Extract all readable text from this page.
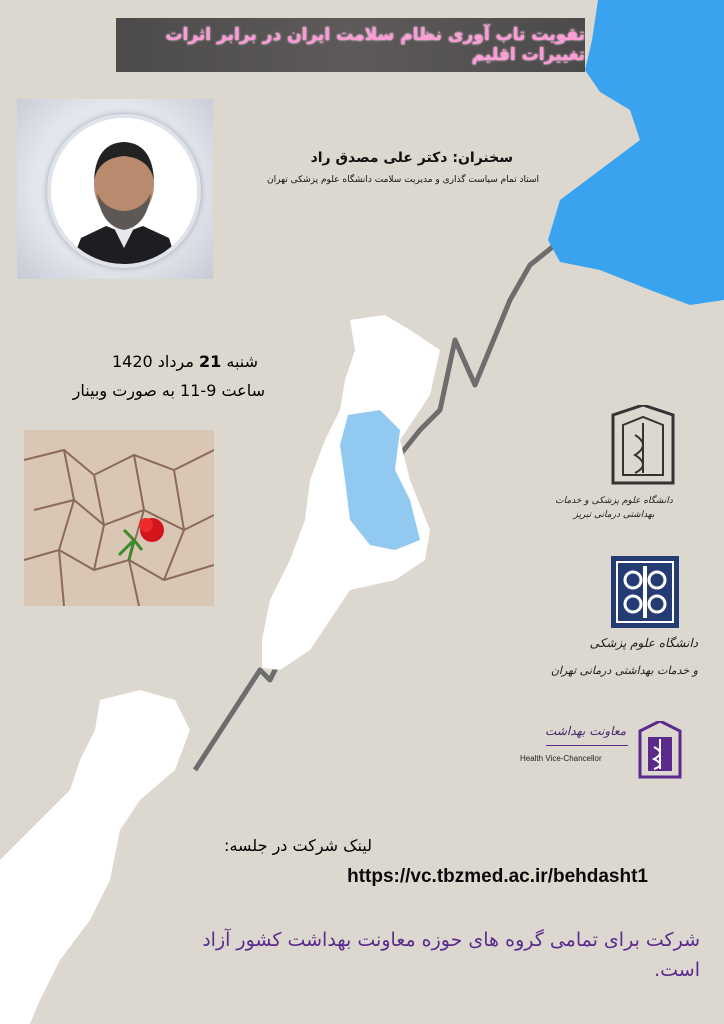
تقویت تاب آوری نظام سلامت ایران در برابر اثرات تغییرات اقلیم
سخنران: دکتر علی مصدق راد
استاد تمام سیاست گذاری و مدیریت سلامت دانشگاه علوم پزشکی تهران
شنبه 21 مرداد 1420
ساعت 9-11 به صورت وبینار
دانشگاه علوم پزشکی و خدمات بهداشتی درمانی تبریز
دانشگاه علوم پزشکی
و خدمات بهداشتی درمانی تهران
معاونت بهداشت
Health Vice-Chancellor
لینک شرکت در جلسه:
https://vc.tbzmed.ac.ir/behdasht1
شرکت برای تمامی گروه های حوزه معاونت بهداشت کشور آزاد است.
